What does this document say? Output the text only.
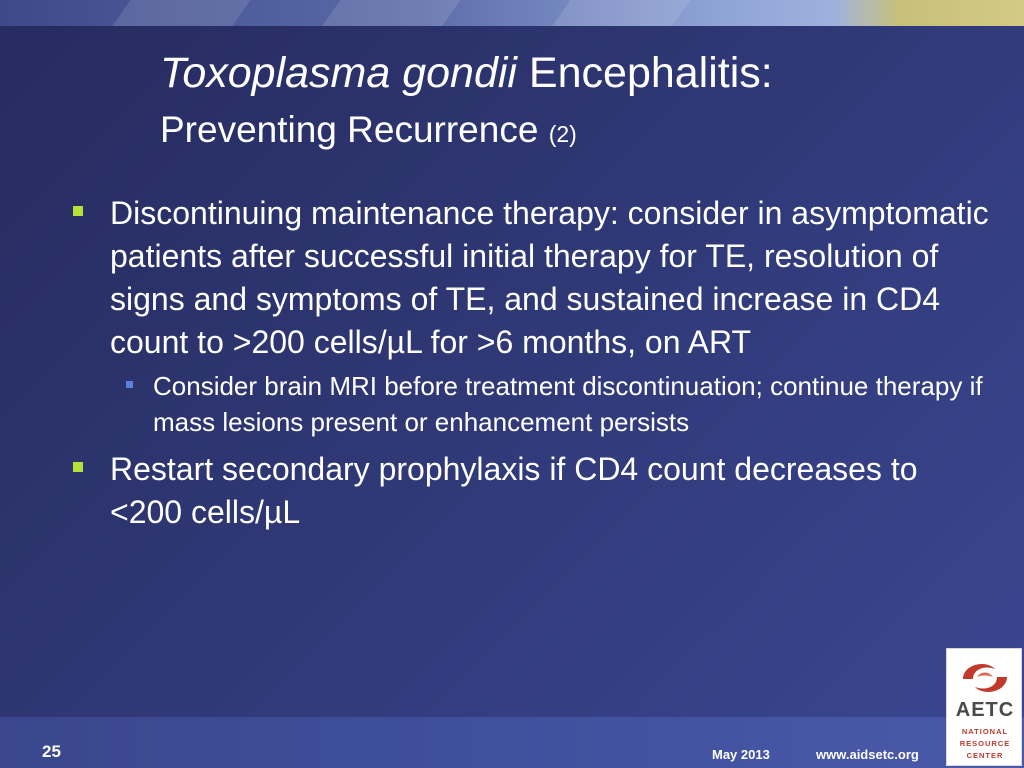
Toxoplasma gondii Encephalitis:
Preventing Recurrence (2)
Discontinuing maintenance therapy: consider in asymptomatic patients after successful initial therapy for TE, resolution of signs and symptoms of TE, and sustained increase in CD4 count to >200 cells/µL for >6 months, on ART
Consider brain MRI before treatment discontinuation; continue therapy if mass lesions present or enhancement persists
Restart secondary prophylaxis if CD4 count decreases to <200 cells/µL
25	May 2013	www.aidsetc.org
AETC
NATIONAL
RESOURCE
CENTER
